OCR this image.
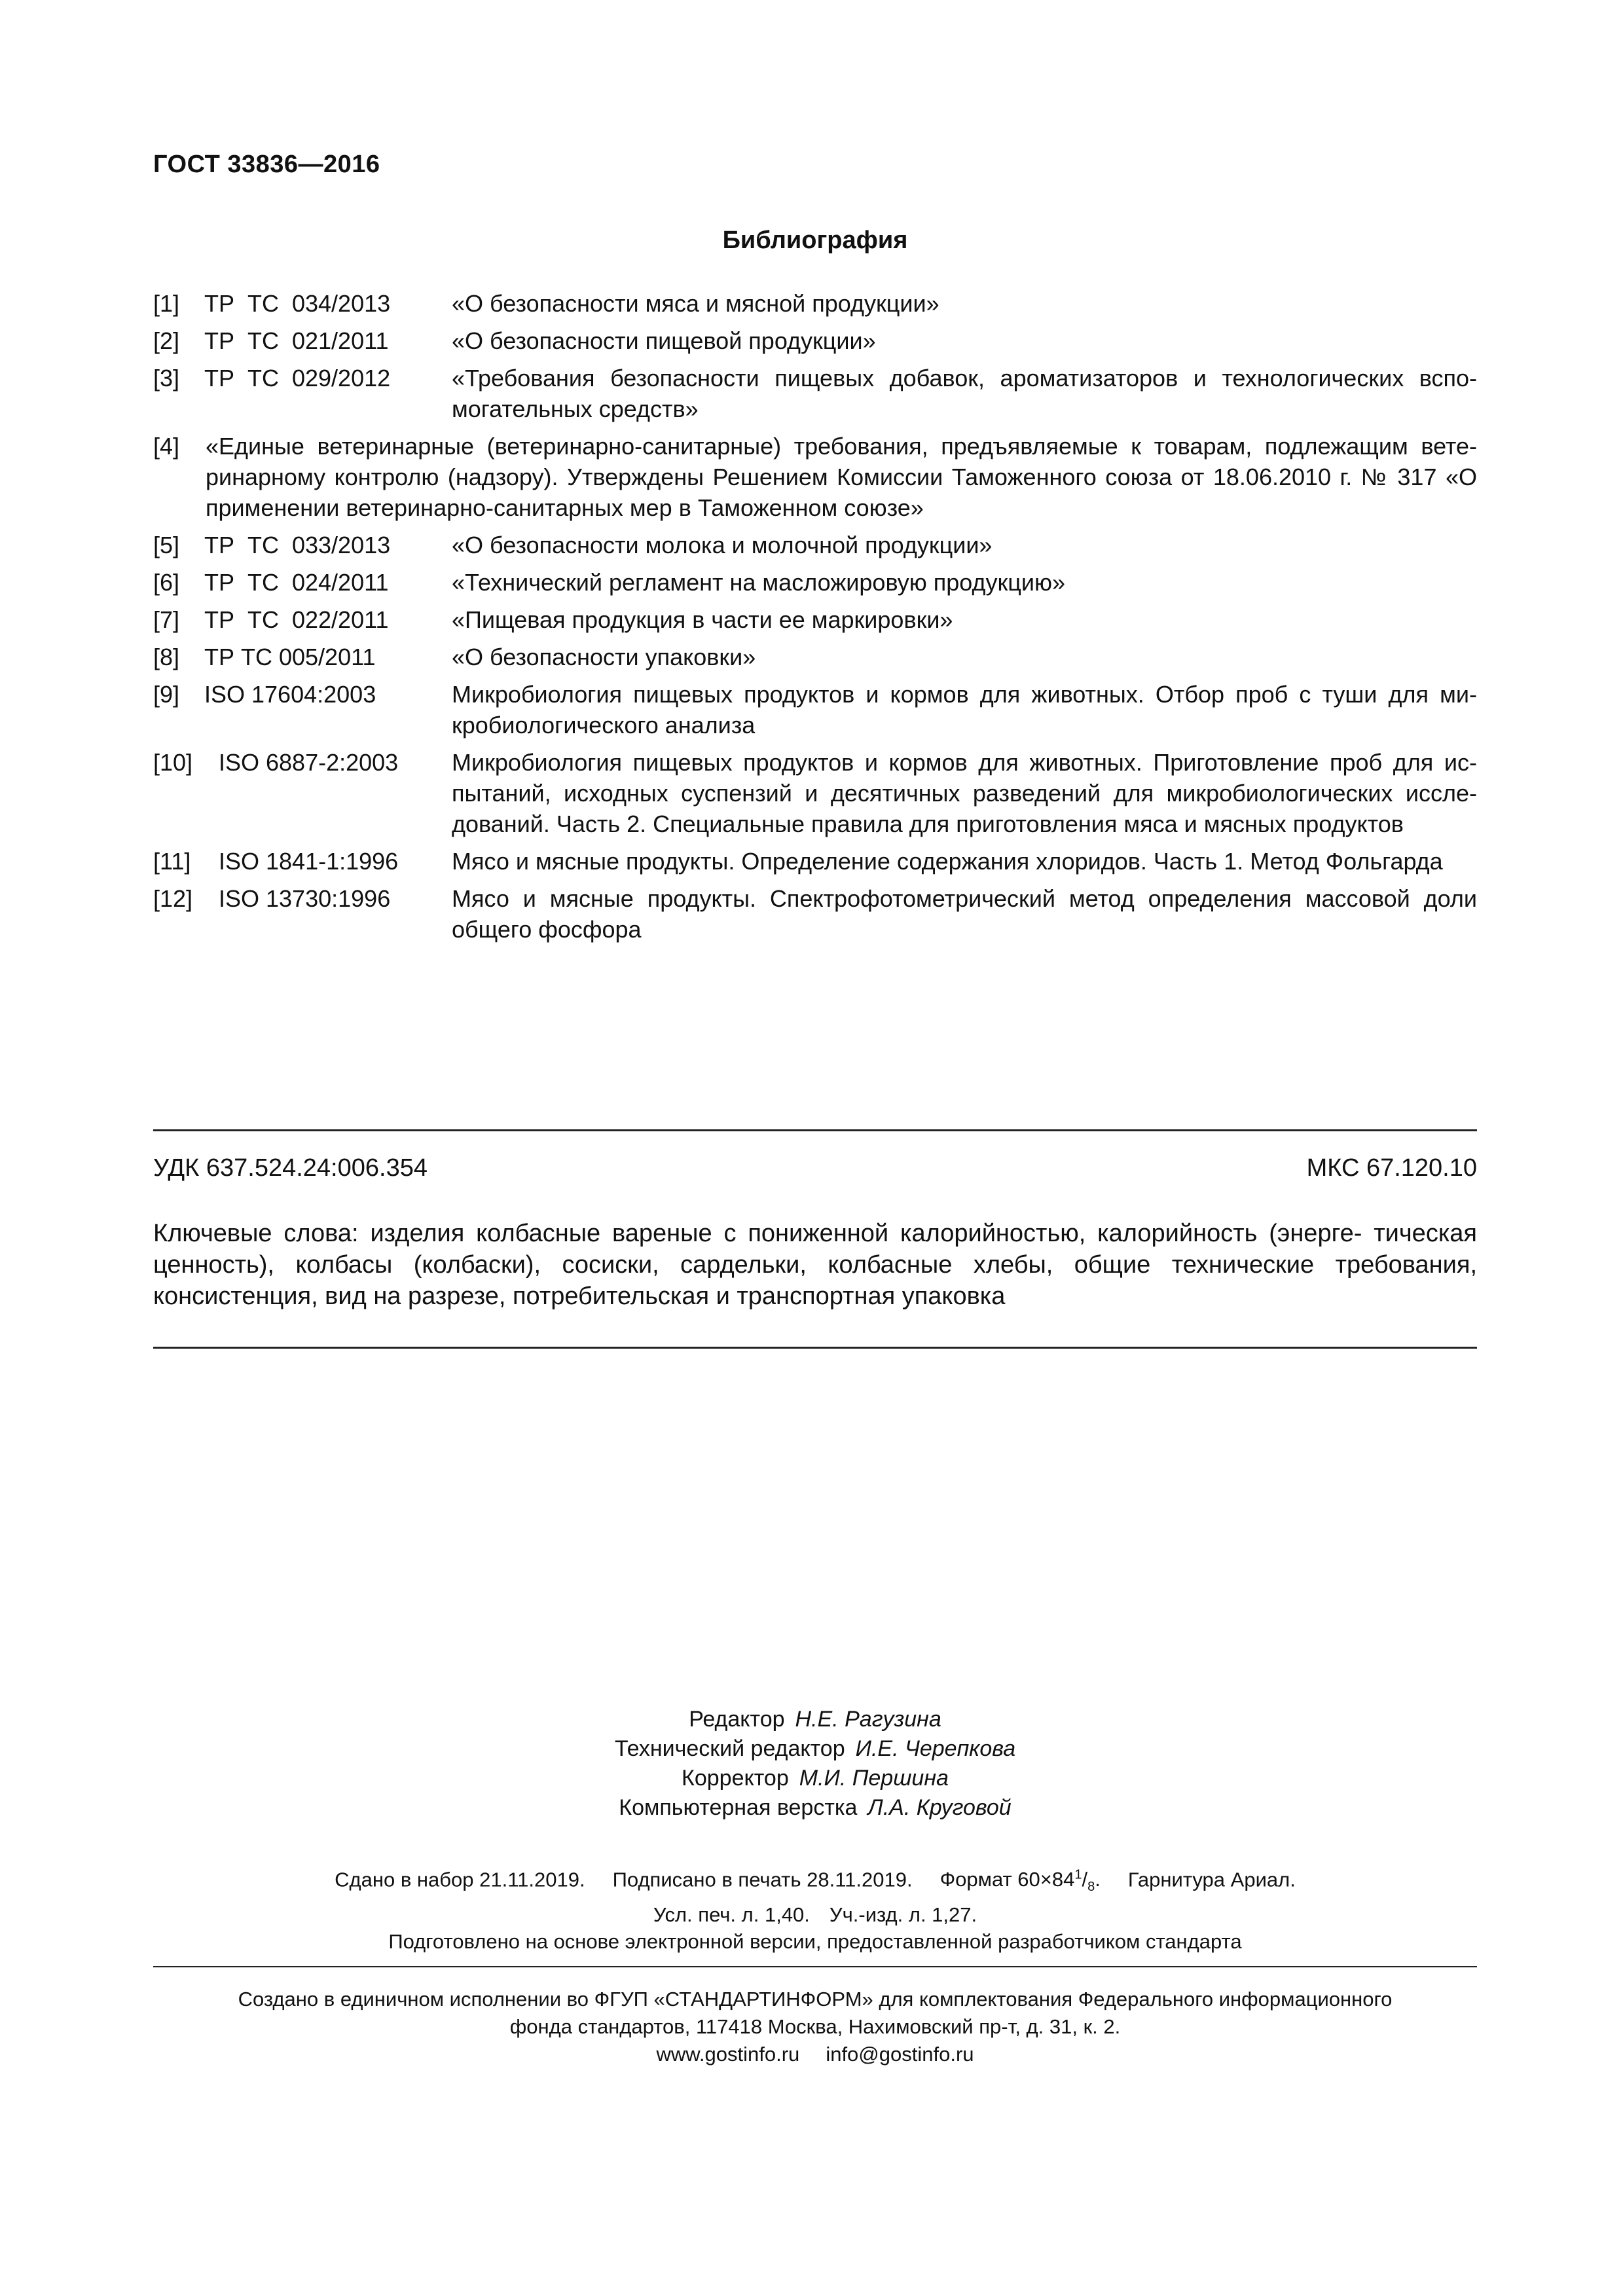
ГОСТ 33836—2016
Библиография
[1] ТР ТС 034/2013	«О безопасности мяса и мясной продукции»
[2] ТР ТС 021/2011	«О безопасности пищевой продукции»
[3] ТР ТС 029/2012	«Требования безопасности пищевых добавок, ароматизаторов и технологических вспо- могательных средств»
[4] «Единые ветеринарные (ветеринарно-санитарные) требования, предъявляемые к товарам, подлежащим вете- ринарному контролю (надзору). Утверждены Решением Комиссии Таможенного союза от 18.06.2010 г. № 317 «О применении ветеринарно-санитарных мер в Таможенном союзе»
[5] ТР ТС 033/2013	«О безопасности молока и молочной продукции»
[6] ТР ТС 024/2011	«Технический регламент на масложировую продукцию»
[7] ТР ТС 022/2011	«Пищевая продукция в части ее маркировки»
[8] ТР ТС 005/2011	«О безопасности упаковки»
[9] ISO 17604:2003	Микробиология пищевых продуктов и кормов для животных. Отбор проб с туши для ми- кробиологического анализа
[10] ISO 6887-2:2003 Микробиология пищевых продуктов и кормов для животных. Приготовление проб для ис- пытаний, исходных суспензий и десятичных разведений для микробиологических иссле- дований. Часть 2. Специальные правила для приготовления мяса и мясных продуктов
[11] ISO 1841-1:1996 Мясо и мясные продукты. Определение содержания хлоридов. Часть 1. Метод Фольгарда
[12] ISO 13730:1996	Мясо и мясные продукты. Спектрофотометрический метод определения массовой доли общего фосфора
УДК 637.524.24:006.354	МКС 67.120.10
Ключевые слова: изделия колбасные вареные с пониженной калорийностью, калорийность (энерге- тическая ценность), колбасы (колбаски), сосиски, сардельки, колбасные хлебы, общие технические требования, консистенция, вид на разрезе, потребительская и транспортная упаковка
Редактор Н.Е. Рагузина
Технический редактор И.Е. Черепкова
Корректор М.И. Першина
Компьютерная верстка Л.А. Круговой
Сдано в набор 21.11.2019. Подписано в печать 28.11.2019. Формат $60\times 84^1/_8$. Гарнитура Ариал.
Усл. печ. л. 1,40. Уч.-изд. л. 1,27.
Подготовлено на основе электронной версии, предоставленной разработчиком стандарта
Создано в единичном исполнении во ФГУП «СТАНДАРТИНФОРМ» для комплектования Федерального информационного
фонда стандартов, 117418 Москва, Нахимовский пр-т, д. 31, к. 2.
www.gostinfo.ru info@gostinfo.ru
